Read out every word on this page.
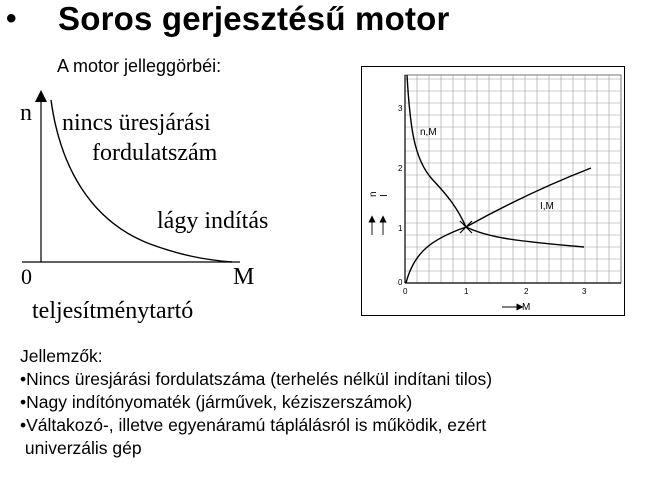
• Soros gerjesztésű motor
A motor jelleggörbéi:
n
M
0
nincs üresjárási
fordulatszám
lágy indítás
teljesítménytartó
0
1
2
3
0	1	2	3
M
n I
n,M
I,M
Jellemzők:
•Nincs üresjárási fordulatszáma (terhelés nélkül indítani tilos)
•Nagy indítónyomaték (járművek, kéziszerszámok)
•Váltakozó-, illetve egyenáramú táplálásról is működik, ezért
univerzális gép
